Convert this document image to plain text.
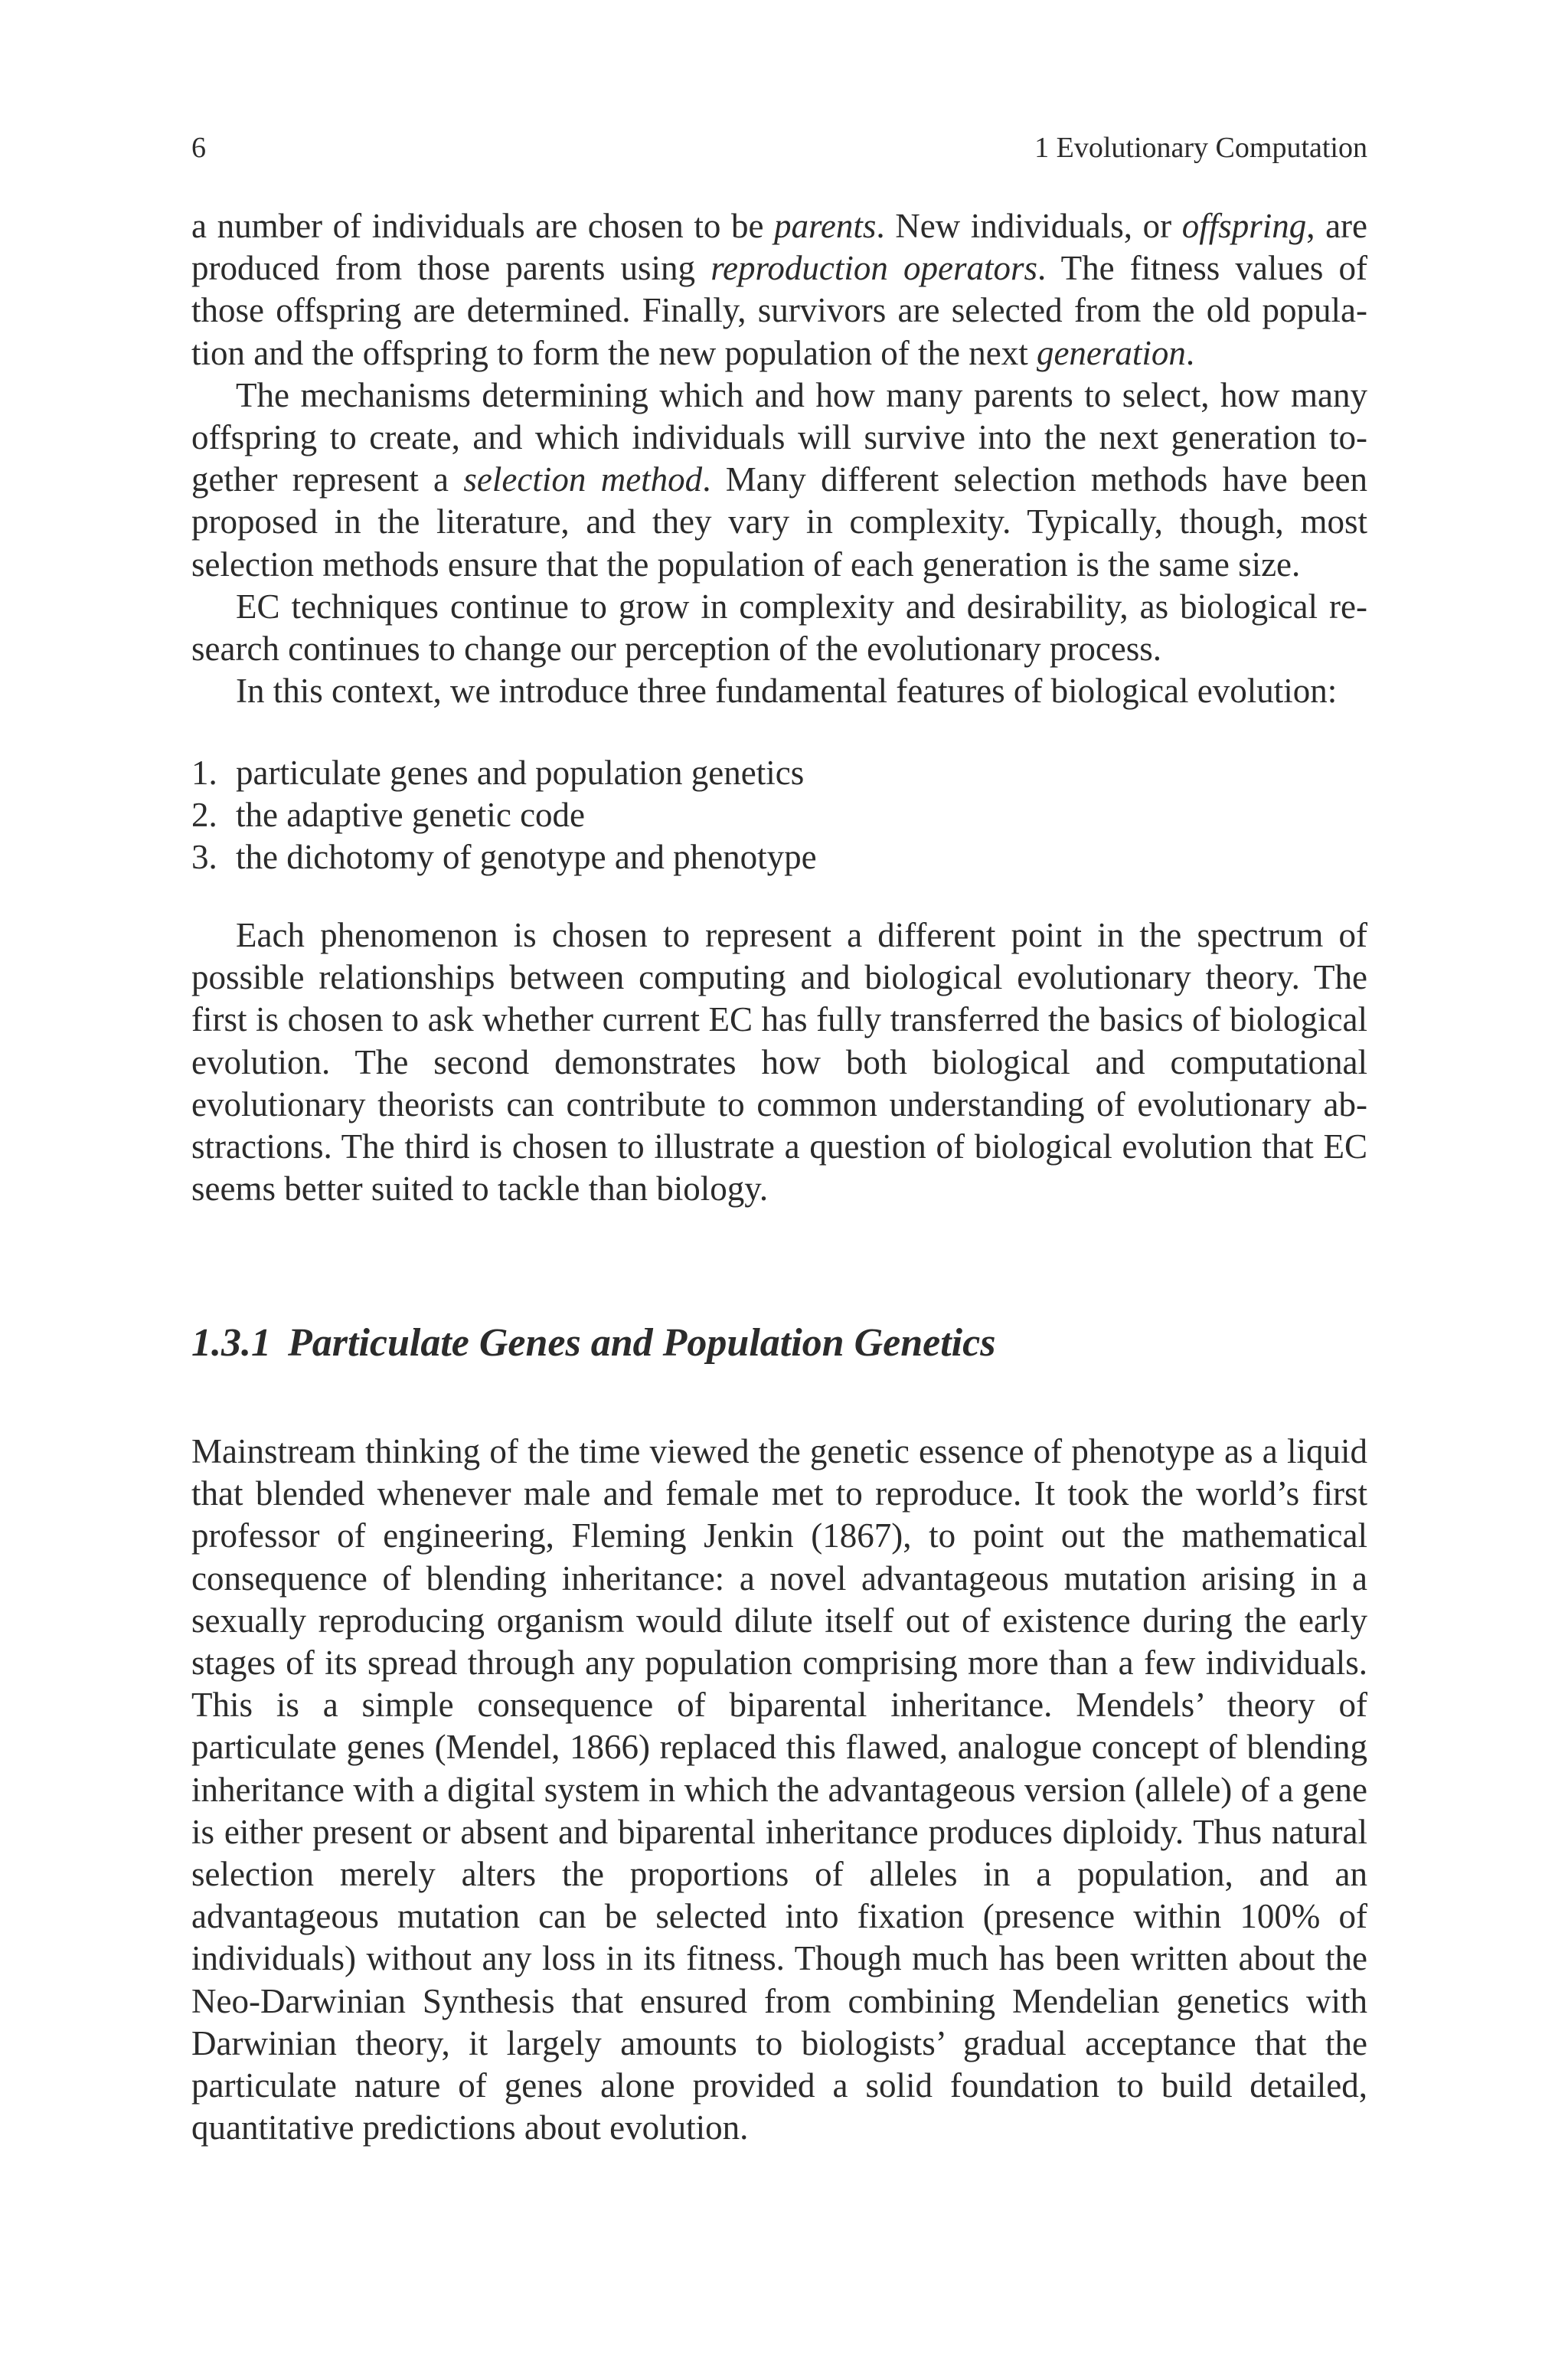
6	1 Evolutionary Computation

a number of individuals are chosen to be parents. New individuals, or offspring, are produced from those parents using reproduction operators. The fitness values of those offspring are determined. Finally, survivors are selected from the old population and the offspring to form the new population of the next generation.

The mechanisms determining which and how many parents to select, how many offspring to create, and which individuals will survive into the next generation together represent a selection method. Many different selection methods have been proposed in the literature, and they vary in complexity. Typically, though, most selection methods ensure that the population of each generation is the same size.

EC techniques continue to grow in complexity and desirability, as biological research continues to change our perception of the evolutionary process.

In this context, we introduce three fundamental features of biological evolution:

1. particulate genes and population genetics
2. the adaptive genetic code
3. the dichotomy of genotype and phenotype

Each phenomenon is chosen to represent a different point in the spectrum of possible relationships between computing and biological evolutionary theory. The first is chosen to ask whether current EC has fully transferred the basics of biological evolution. The second demonstrates how both biological and computational evolutionary theorists can contribute to common understanding of evolutionary abstractions. The third is chosen to illustrate a question of biological evolution that EC seems better suited to tackle than biology.

1.3.1 Particulate Genes and Population Genetics

Mainstream thinking of the time viewed the genetic essence of phenotype as a liquid that blended whenever male and female met to reproduce. It took the world’s first professor of engineering, Fleming Jenkin (1867), to point out the mathematical consequence of blending inheritance: a novel advantageous mutation arising in a sexually reproducing organism would dilute itself out of existence during the early stages of its spread through any population comprising more than a few individuals. This is a simple consequence of biparental inheritance. Mendels’ theory of particulate genes (Mendel, 1866) replaced this flawed, analogue concept of blending inheritance with a digital system in which the advantageous version (allele) of a gene is either present or absent and biparental inheritance produces diploidy. Thus natural selection merely alters the proportions of alleles in a population, and an advantageous mutation can be selected into fixation (presence within 100% of individuals) without any loss in its fitness. Though much has been written about the Neo-Darwinian Synthesis that ensured from combining Mendelian genetics with Darwinian theory, it largely amounts to biologists’ gradual acceptance that the particulate nature of genes alone provided a solid foundation to build detailed, quantitative predictions about evolution.
